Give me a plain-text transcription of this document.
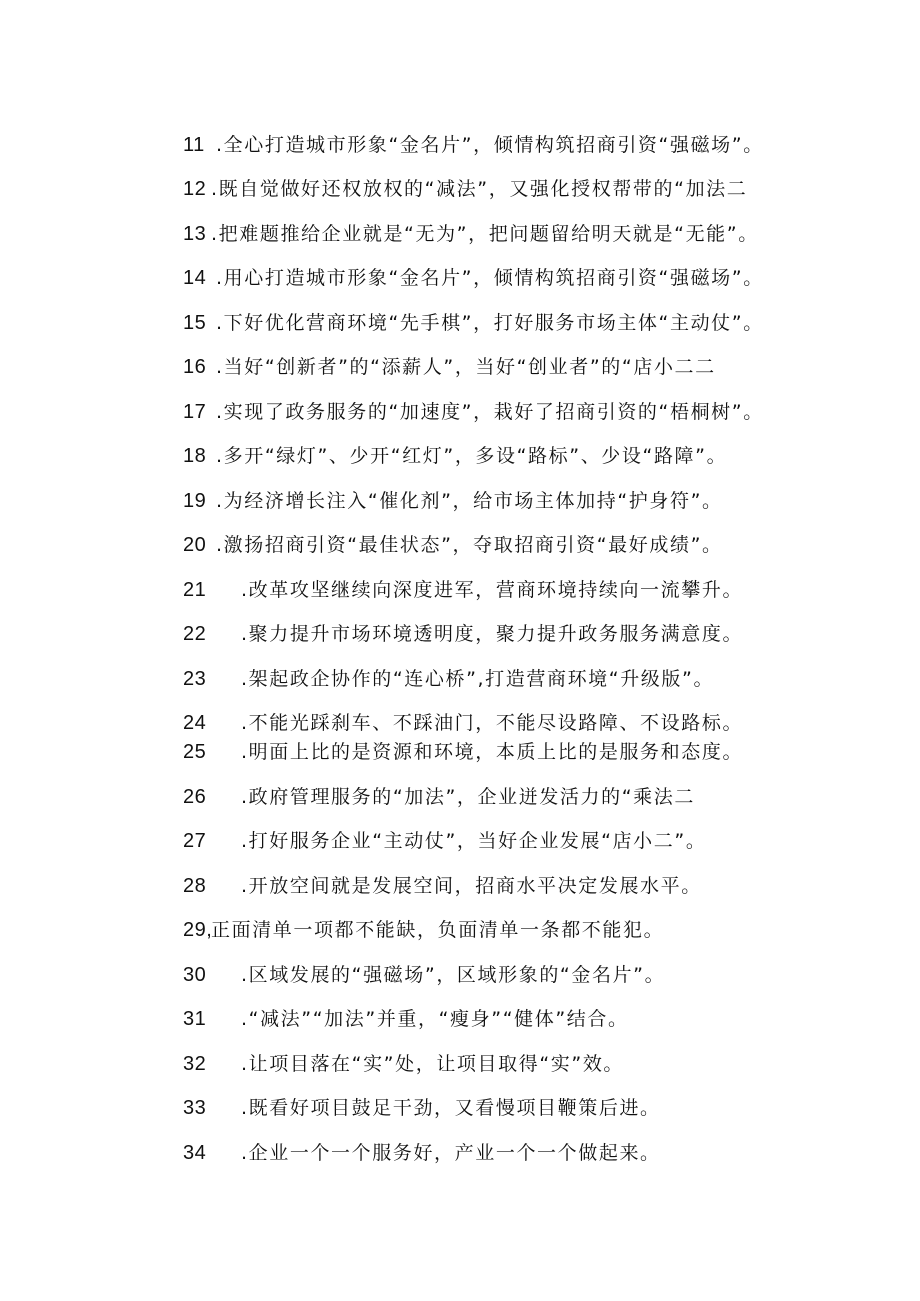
11 .全心打造城市形象“金名片”，倾情构筑招商引资“强磁场”。
12 .既自觉做好还权放权的“减法”，又强化授权帮带的“加法二
13 .把难题推给企业就是“无为”，把问题留给明天就是“无能”。
14 .用心打造城市形象“金名片”，倾情构筑招商引资“强磁场”。
15 .下好优化营商环境“先手棋”，打好服务市场主体“主动仗”。
16 .当好“创新者”的“添薪人”，当好“创业者”的“店小二二
17 .实现了政务服务的“加速度”，栽好了招商引资的“梧桐树”。
18 .多开“绿灯”、少开“红灯”，多设“路标”、少设“路障”。
19 .为经济增长注入“催化剂”，给市场主体加持“护身符”。
20 .激扬招商引资“最佳状态”，夺取招商引资“最好成绩”。
21 .改革攻坚继续向深度进军，营商环境持续向一流攀升。
22 .聚力提升市场环境透明度，聚力提升政务服务满意度。
23 .架起政企协作的“连心桥”,打造营商环境“升级版”。
24 .不能光踩刹车、不踩油门，不能尽设路障、不设路标。
25 .明面上比的是资源和环境，本质上比的是服务和态度。
26 .政府管理服务的“加法”，企业迸发活力的“乘法二
27 .打好服务企业“主动仗”，当好企业发展“店小二”。
28 .开放空间就是发展空间，招商水平决定发展水平。
29,
正面清单一项都不能缺，负面清单一条都不能犯。
30 .区域发展的“强磁场”，区域形象的“金名片”。
31 .“减法”“加法”并重，“瘦身”“健体”结合。
32 .让项目落在“实”处，让项目取得“实”效。
33 .既看好项目鼓足干劲，又看慢项目鞭策后进。
34 .企业一个一个服务好，产业一个一个做起来。
